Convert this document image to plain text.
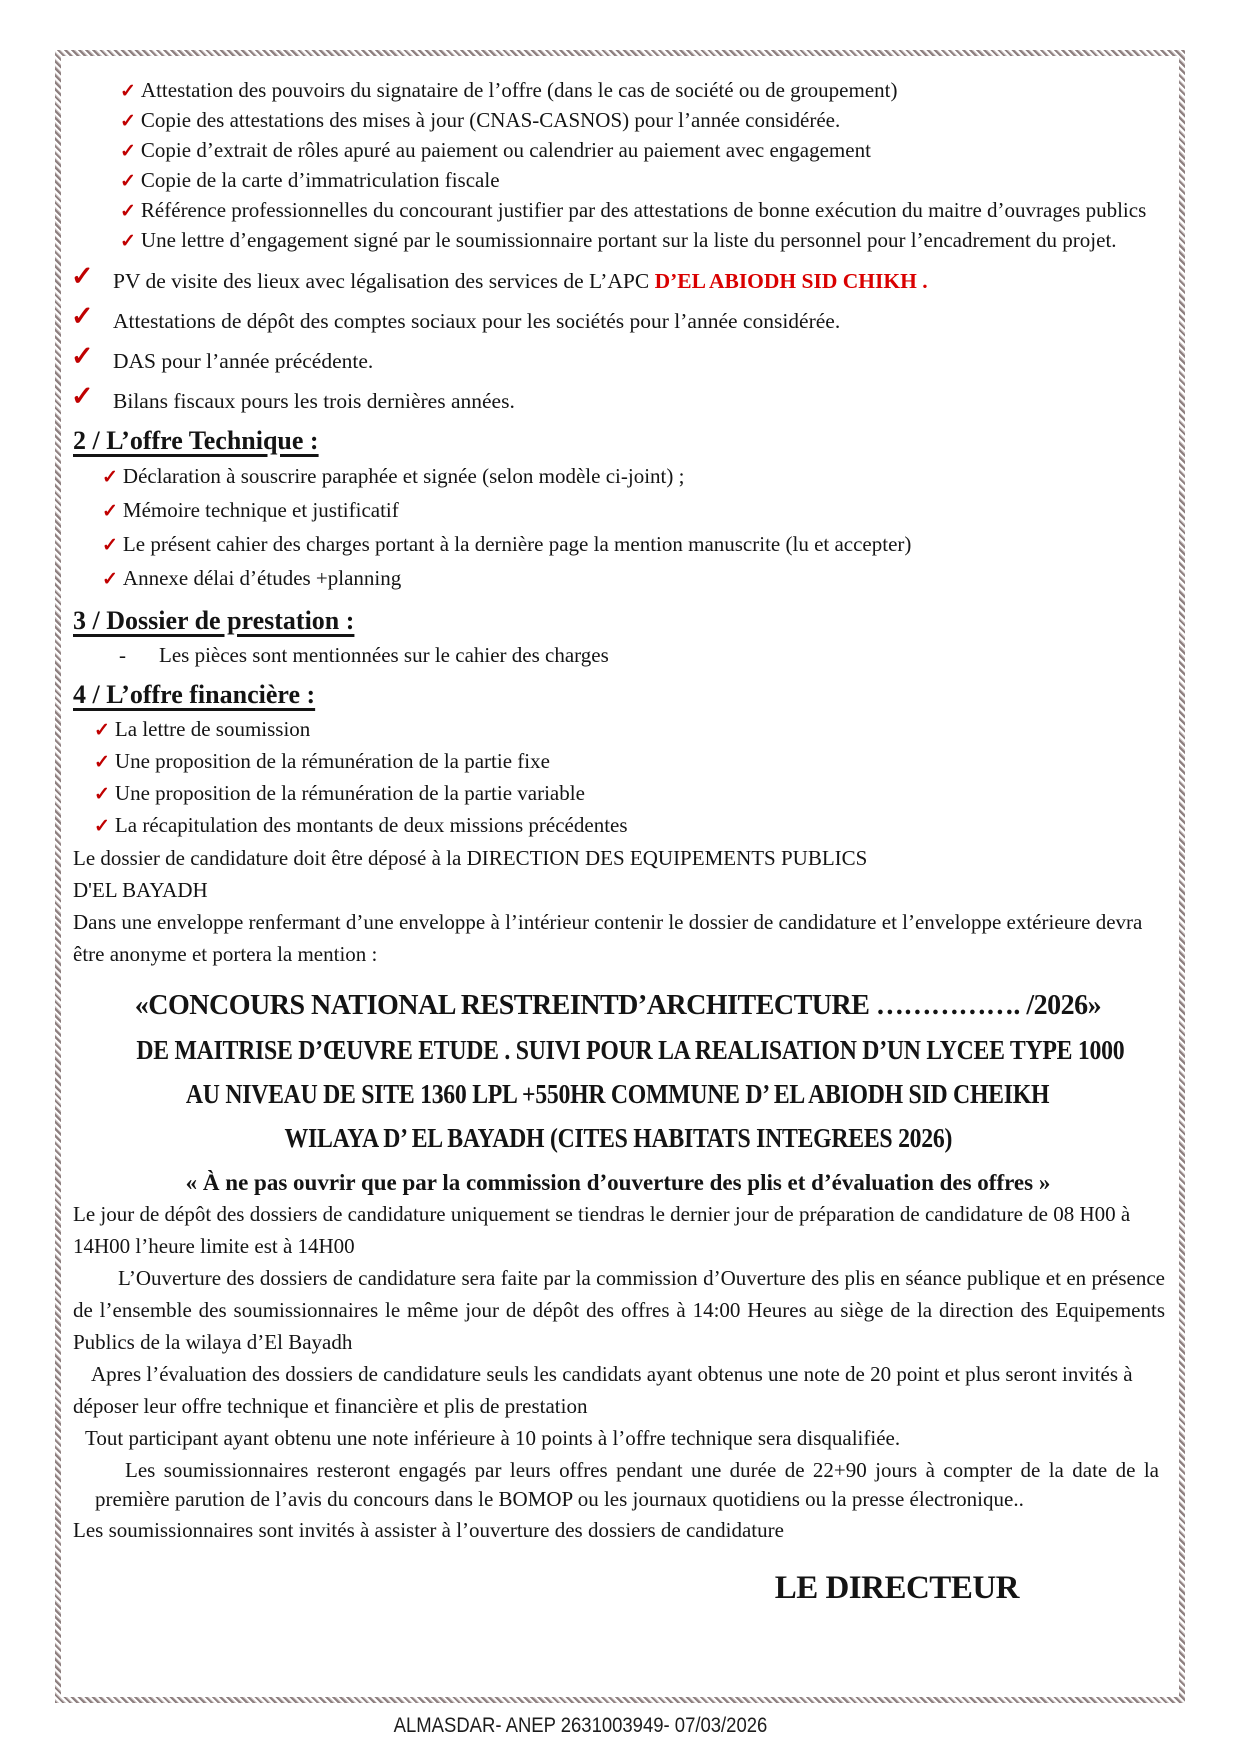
✓ Attestation des pouvoirs du signataire de l’offre (dans le cas de société ou de groupement)
✓ Copie des attestations des mises à jour (CNAS-CASNOS) pour l’année considérée.
✓ Copie d’extrait de rôles apuré au paiement ou calendrier au paiement avec engagement
✓ Copie de la carte d’immatriculation fiscale
✓ Référence professionnelles du concourant justifier par des attestations de bonne exécution du maitre d’ouvrages publics
✓ Une lettre d’engagement signé par le soumissionnaire portant sur la liste du personnel pour l’encadrement du projet.
✓ PV de visite des lieux avec légalisation des services de L’APC D’EL ABIODH SID CHIKH .
✓ Attestations de dépôt des comptes sociaux pour les sociétés pour l’année considérée.
✓ DAS pour l’année précédente.
✓ Bilans fiscaux pours les trois dernières années.
2 / L’offre Technique :
✓ Déclaration à souscrire paraphée et signée (selon modèle ci-joint) ;
✓ Mémoire technique et justificatif
✓ Le présent cahier des charges portant à la dernière page la mention manuscrite (lu et accepter)
✓ Annexe délai d’études +planning
3 / Dossier de prestation :
- Les pièces sont mentionnées sur le cahier des charges
4 / L’offre financière :
✓ La lettre de soumission
✓ Une proposition de la rémunération de la partie fixe
✓ Une proposition de la rémunération de la partie variable
✓ La récapitulation des montants de deux missions précédentes

Le dossier de candidature doit être déposé à la DIRECTION DES EQUIPEMENTS PUBLICS

D'EL BAYADH

Dans une enveloppe renfermant d’une enveloppe à l’intérieur contenir le dossier de candidature et l’enveloppe extérieure devra être anonyme et portera la mention :

«CONCOURS NATIONAL RESTREINTD’ARCHITECTURE ……………. /2026»
DE MAITRISE D’ŒUVRE ETUDE . SUIVI POUR LA REALISATION D’UN LYCEE TYPE 1000
AU NIVEAU DE SITE 1360 LPL +550HR COMMUNE D’ EL ABIODH SID CHEIKH
WILAYA D’ EL BAYADH (CITES HABITATS INTEGREES 2026)
« À ne pas ouvrir que par la commission d’ouverture des plis et d’évaluation des offres »

Le jour de dépôt des dossiers de candidature uniquement se tiendras le dernier jour de préparation de candidature de 08 H00 à 14H00 l’heure limite est à 14H00

L’Ouverture des dossiers de candidature sera faite par la commission d’Ouverture des plis en séance publique et en présence de l’ensemble des soumissionnaires le même jour de dépôt des offres à 14:00 Heures au siège de la direction des Equipements Publics de la wilaya d’El Bayadh

Apres l’évaluation des dossiers de candidature seuls les candidats ayant obtenus une note de 20 point et plus seront invités à déposer leur offre technique et financière et plis de prestation

Tout participant ayant obtenu une note inférieure à 10 points à l’offre technique sera disqualifiée.

Les soumissionnaires resteront engagés par leurs offres pendant une durée de 22+90 jours à compter de la date de la première parution de l’avis du concours dans le BOMOP ou les journaux quotidiens ou la presse électronique..

Les soumissionnaires sont invités à assister à l’ouverture des dossiers de candidature

LE DIRECTEUR
ALMASDAR- ANEP 2631003949- 07/03/2026
